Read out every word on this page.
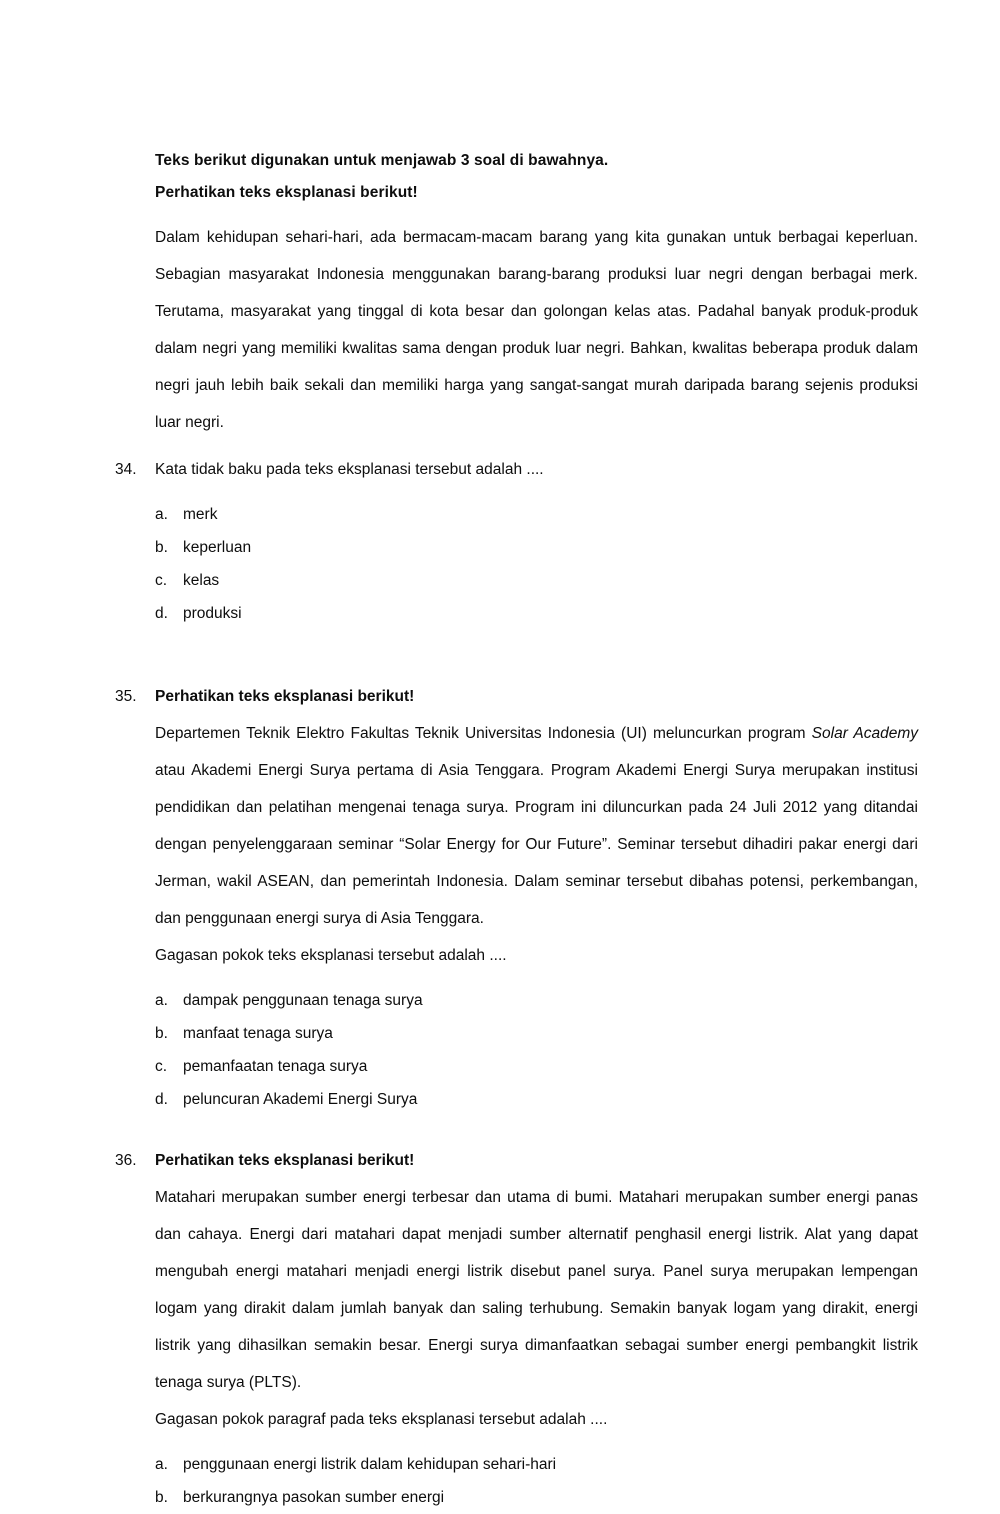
Teks berikut digunakan untuk menjawab 3 soal di bawahnya.
Perhatikan teks eksplanasi berikut!
Dalam kehidupan sehari-hari, ada bermacam-macam barang yang kita gunakan untuk berbagai keperluan. Sebagian masyarakat Indonesia menggunakan barang-barang produksi luar negri dengan berbagai merk. Terutama, masyarakat yang tinggal di kota besar dan golongan kelas atas. Padahal banyak produk-produk dalam negri yang memiliki kwalitas sama dengan produk luar negri. Bahkan, kwalitas beberapa produk dalam negri jauh lebih baik sekali dan memiliki harga yang sangat-sangat murah daripada barang sejenis produksi luar negri.
34.	Kata tidak baku pada teks eksplanasi tersebut adalah ....
a. merk
b. keperluan
c.	kelas
d. produksi
35.	Perhatikan teks eksplanasi berikut!
Departemen Teknik Elektro Fakultas Teknik Universitas Indonesia (UI) meluncurkan program Solar Academy atau Akademi Energi Surya pertama di Asia Tenggara. Program Akademi Energi Surya merupakan institusi pendidikan dan pelatihan mengenai tenaga surya. Program ini diluncurkan pada 24 Juli 2012 yang ditandai dengan penyelenggaraan seminar “Solar Energy for Our Future”. Seminar tersebut dihadiri pakar energi dari Jerman, wakil ASEAN, dan pemerintah Indonesia. Dalam seminar tersebut dibahas potensi, perkembangan, dan penggunaan energi surya di Asia Tenggara.
Gagasan pokok teks eksplanasi tersebut adalah ....
a. dampak penggunaan tenaga surya
b. manfaat tenaga surya
c.	pemanfaatan tenaga surya
d. peluncuran Akademi Energi Surya
36.	Perhatikan teks eksplanasi berikut!
Matahari merupakan sumber energi terbesar dan utama di bumi. Matahari merupakan sumber energi panas dan cahaya. Energi dari matahari dapat menjadi sumber alternatif penghasil energi listrik. Alat yang dapat mengubah energi matahari menjadi energi listrik disebut panel surya. Panel surya merupakan lempengan logam yang dirakit dalam jumlah banyak dan saling terhubung. Semakin banyak logam yang dirakit, energi listrik yang dihasilkan semakin besar. Energi surya dimanfaatkan sebagai sumber energi pembangkit listrik tenaga surya (PLTS).
Gagasan pokok paragraf pada teks eksplanasi tersebut adalah ....
a. penggunaan energi listrik dalam kehidupan sehari-hari
b. berkurangnya pasokan sumber energi
